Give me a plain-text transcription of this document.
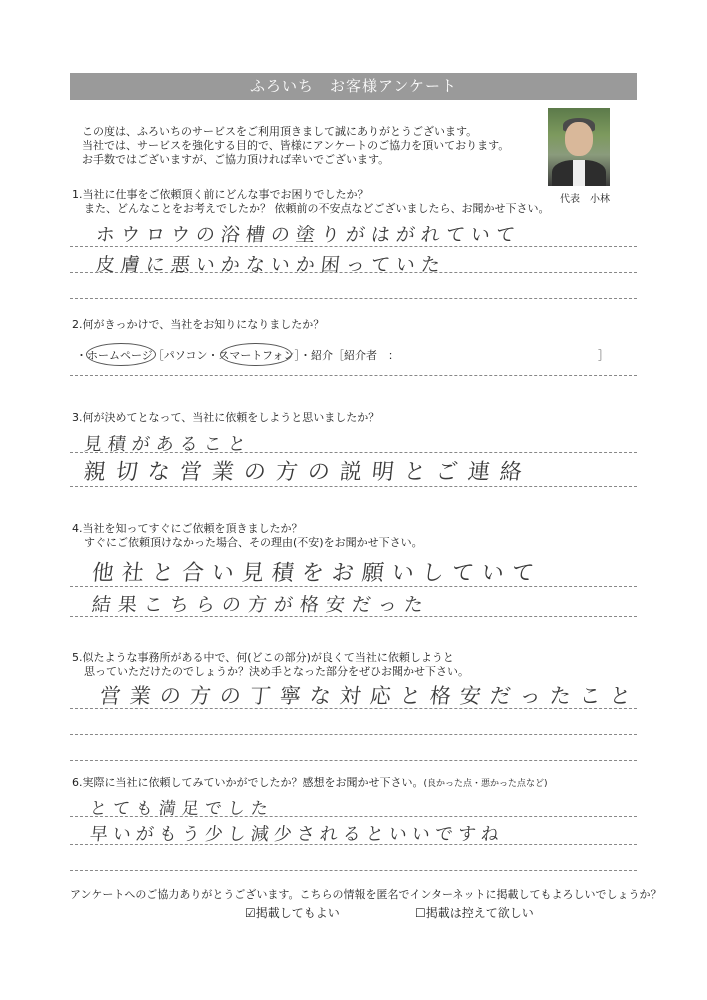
ふろいち　お客様アンケート
この度は、ふろいちのサービスをご利用頂きまして誠にありがとうございます。
当社では、サービスを強化する目的で、皆様にアンケートのご協力を頂いております。
お手数ではございますが、ご協力頂ければ幸いでございます。
代表　小林
1.当社に仕事をご依頼頂く前にどんな事でお困りでしたか？
また、どんなことをお考えでしたか？ 依頼前の不安点などございましたら、お聞かせ下さい。
ホウロウの浴槽の塗りがはがれていて
皮膚に悪いかないか困っていた
2.何がきっかけで、当社をお知りになりましたか？
・ホームページ［パソコン・スマートフォン］
・紹介［紹介者　：	］
3.何が決めてとなって、当社に依頼をしようと思いましたか？
見積があること
親切な営業の方の説明とご連絡
4.当社を知ってすぐにご依頼を頂きましたか？
すぐにご依頼頂けなかった場合、その理由(不安)をお聞かせ下さい。
他社と合い見積をお願いしていて
結果こちらの方が格安だった
5.似たような事務所がある中で、何(どこの部分)が良くて当社に依頼しようと
思っていただけたのでしょうか？決め手となった部分をぜひお聞かせ下さい。
営業の方の丁寧な対応と格安だったこと
6.実際に当社に依頼してみていかがでしたか？感想をお聞かせ下さい。(良かった点・悪かった点など)
とても満足でした
早いがもう少し減少されるといいですね
アンケートへのご協力ありがとうございます。こちらの情報を匿名でインターネットに掲載してもよろしいでしょうか？
☑掲載してもよい	☐掲載は控えて欲しい
